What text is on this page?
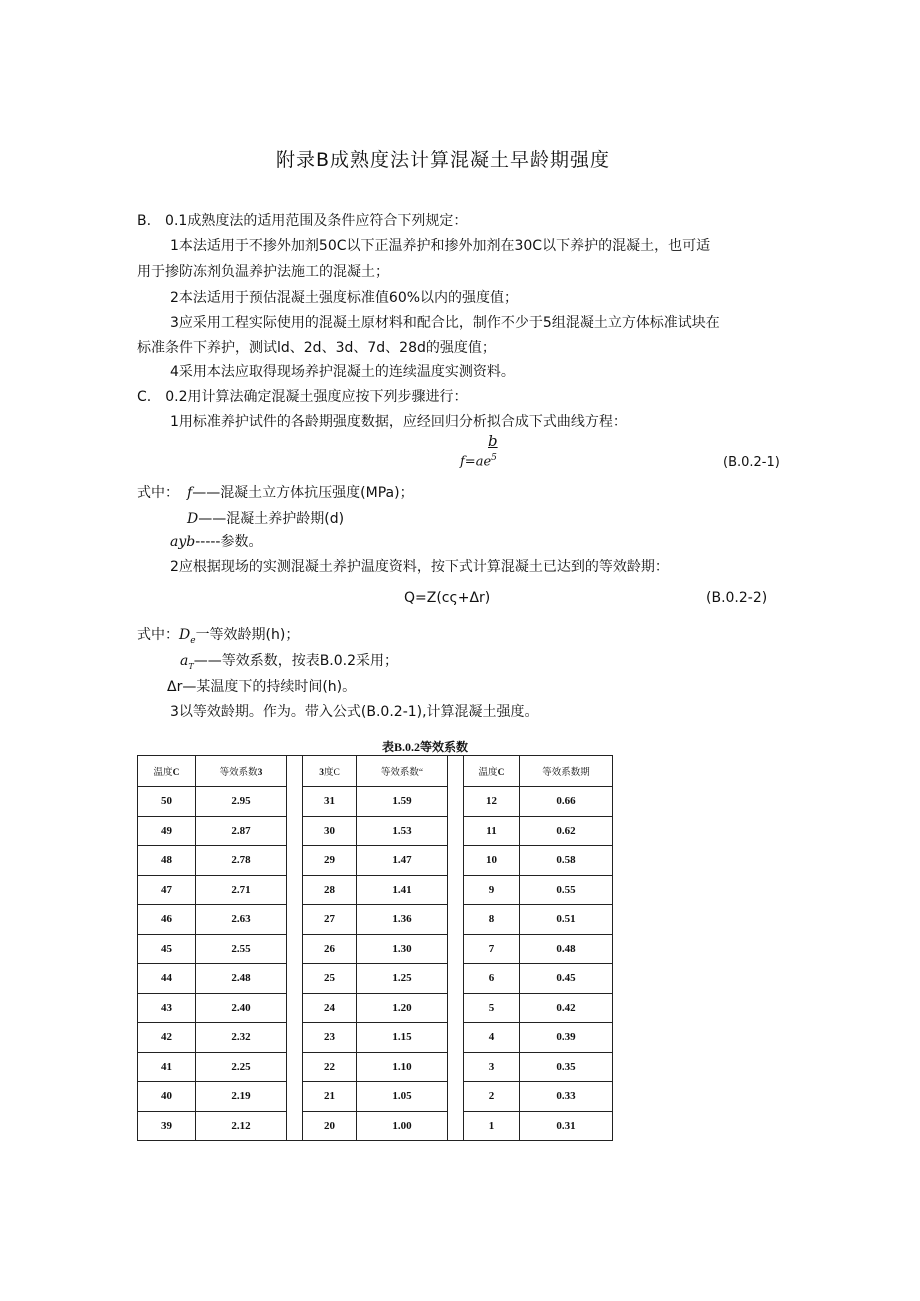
附录B成熟度法计算混凝土早龄期强度
B.　0.1成熟度法的适用范围及条件应符合下列规定：
1本法适用于不掺外加剂50C以下正温养护和掺外加剂在30C以下养护的混凝土，也可适
用于掺防冻剂负温养护法施工的混凝土；
2本法适用于预估混凝土强度标准值60%以内的强度值；
3应采用工程实际使用的混凝土原材料和配合比，制作不少于5组混凝土立方体标准试块在
标准条件下养护，测试ld、2d、3d、7d、28d的强度值；
4采用本法应取得现场养护混凝土的连续温度实测资料。
C.　0.2用计算法确定混凝土强度应按下列步骤进行：
1用标准养护试件的各龄期强度数据，应经回归分析拟合成下式曲线方程：
b
$f=ae^5$	(B.0.2-1)
式中： f——混凝土立方体抗压强度(MPa)；
D——混凝土养护龄期(d)
ayb-----参数。
2应根据现场的实测混凝土养护温度资料，按下式计算混凝土已达到的等效龄期：
Q=Z(cς+Δr)	(B.0.2-2)
式中：$D_e$一等效龄期(h)；
$a_T——$等效系数，按表B.0.2采用；
Δr—某温度下的持续时间(h)。
3以等效龄期。作为。带入公式(B.0.2-1),计算混凝土强度。
表B.0.2等效系数
温度C	等效系数3		3度C	等效系数“		温度C	等效系数期
50	2.95		31	1.59		12	0.66
49	2.87		30	1.53		11	0.62
48	2.78		29	1.47		10	0.58
47	2.71		28	1.41		9	0.55
46	2.63		27	1.36		8	0.51
45	2.55		26	1.30		7	0.48
44	2.48		25	1.25		6	0.45
43	2.40		24	1.20		5	0.42
42	2.32		23	1.15		4	0.39
41	2.25		22	1.10		3	0.35
40	2.19		21	1.05		2	0.33
39	2.12		20	1.00		1	0.31
